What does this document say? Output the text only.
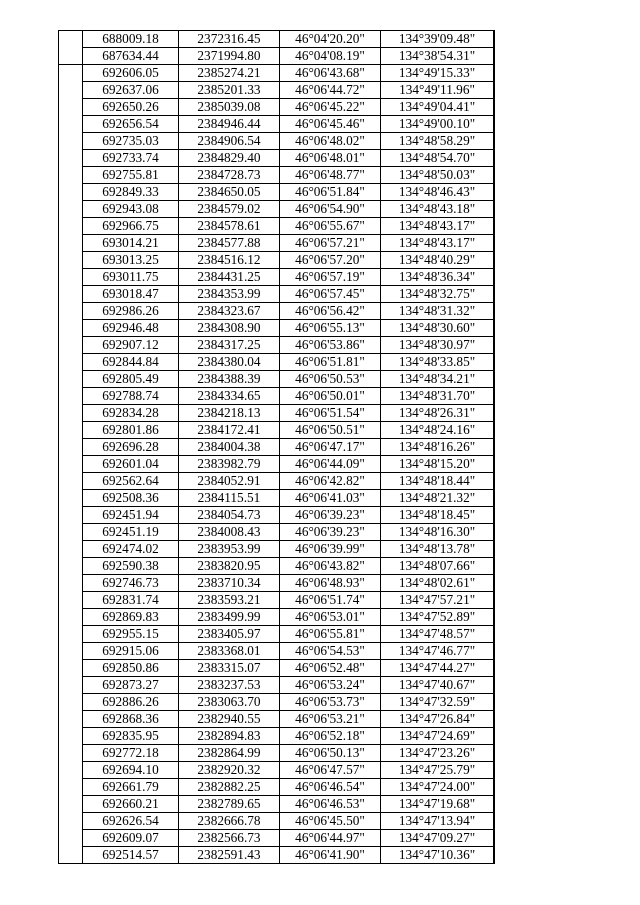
	688009.18	2372316.45	46°04'20.20"	134°39'09.48"	
	687634.44	2371994.80	46°04'08.19"	134°38'54.31"	
	692606.05	2385274.21	46°06'43.68"	134°49'15.33"	
	692637.06	2385201.33	46°06'44.72"	134°49'11.96"	
	692650.26	2385039.08	46°06'45.22"	134°49'04.41"	
	692656.54	2384946.44	46°06'45.46"	134°49'00.10"	
	692735.03	2384906.54	46°06'48.02"	134°48'58.29"	
	692733.74	2384829.40	46°06'48.01"	134°48'54.70"	
	692755.81	2384728.73	46°06'48.77"	134°48'50.03"	
	692849.33	2384650.05	46°06'51.84"	134°48'46.43"	
	692943.08	2384579.02	46°06'54.90"	134°48'43.18"	
	692966.75	2384578.61	46°06'55.67"	134°48'43.17"	
	693014.21	2384577.88	46°06'57.21"	134°48'43.17"	
	693013.25	2384516.12	46°06'57.20"	134°48'40.29"	
	693011.75	2384431.25	46°06'57.19"	134°48'36.34"	
	693018.47	2384353.99	46°06'57.45"	134°48'32.75"	
	692986.26	2384323.67	46°06'56.42"	134°48'31.32"	
	692946.48	2384308.90	46°06'55.13"	134°48'30.60"	
	692907.12	2384317.25	46°06'53.86"	134°48'30.97"	
	692844.84	2384380.04	46°06'51.81"	134°48'33.85"	
	692805.49	2384388.39	46°06'50.53"	134°48'34.21"	
	692788.74	2384334.65	46°06'50.01"	134°48'31.70"	
	692834.28	2384218.13	46°06'51.54"	134°48'26.31"	
	692801.86	2384172.41	46°06'50.51"	134°48'24.16"	
	692696.28	2384004.38	46°06'47.17"	134°48'16.26"	
	692601.04	2383982.79	46°06'44.09"	134°48'15.20"	
	692562.64	2384052.91	46°06'42.82"	134°48'18.44"	
	692508.36	2384115.51	46°06'41.03"	134°48'21.32"	
	692451.94	2384054.73	46°06'39.23"	134°48'18.45"	
	692451.19	2384008.43	46°06'39.23"	134°48'16.30"	
	692474.02	2383953.99	46°06'39.99"	134°48'13.78"	
	692590.38	2383820.95	46°06'43.82"	134°48'07.66"	
	692746.73	2383710.34	46°06'48.93"	134°48'02.61"	
	692831.74	2383593.21	46°06'51.74"	134°47'57.21"	
	692869.83	2383499.99	46°06'53.01"	134°47'52.89"	
	692955.15	2383405.97	46°06'55.81"	134°47'48.57"	
	692915.06	2383368.01	46°06'54.53"	134°47'46.77"	
	692850.86	2383315.07	46°06'52.48"	134°47'44.27"	
	692873.27	2383237.53	46°06'53.24"	134°47'40.67"	
	692886.26	2383063.70	46°06'53.73"	134°47'32.59"	
	692868.36	2382940.55	46°06'53.21"	134°47'26.84"	
	692835.95	2382894.83	46°06'52.18"	134°47'24.69"	
	692772.18	2382864.99	46°06'50.13"	134°47'23.26"	
	692694.10	2382920.32	46°06'47.57"	134°47'25.79"	
	692661.79	2382882.25	46°06'46.54"	134°47'24.00"	
	692660.21	2382789.65	46°06'46.53"	134°47'19.68"	
	692626.54	2382666.78	46°06'45.50"	134°47'13.94"	
	692609.07	2382566.73	46°06'44.97"	134°47'09.27"	
	692514.57	2382591.43	46°06'41.90"	134°47'10.36"	
